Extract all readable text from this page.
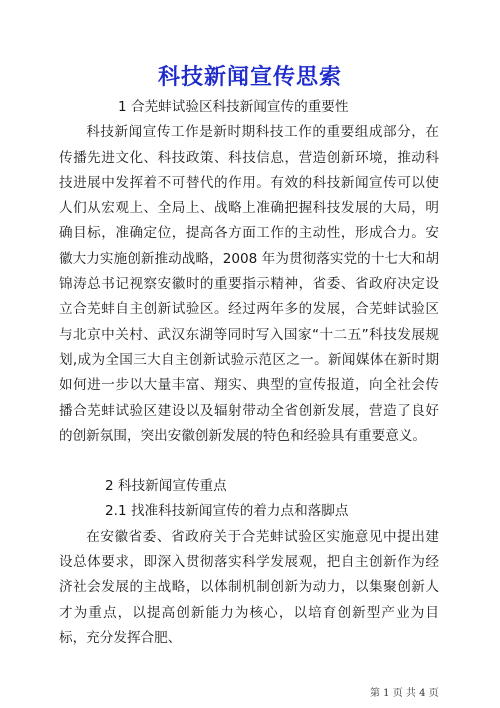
科技新闻宣传思索

1 合芜蚌试验区科技新闻宣传的重要性

科技新闻宣传工作是新时期科技工作的重要组成部分，在传播先进文化、科技政策、科技信息，营造创新环境，推动科技进展中发挥着不可替代的作用。有效的科技新闻宣传可以使人们从宏观上、全局上、战略上准确把握科技发展的大局，明确目标，准确定位，提高各方面工作的主动性，形成合力。安徽大力实施创新推动战略，2008 年为贯彻落实党的十七大和胡锦涛总书记视察安徽时的重要指示精神，省委、省政府决定设立合芜蚌自主创新试验区。经过两年多的发展，合芜蚌试验区与北京中关村、武汉东湖等同时写入国家“十二五”科技发展规划,成为全国三大自主创新试验示范区之一。新闻媒体在新时期如何进一步以大量丰富、翔实、典型的宣传报道，向全社会传播合芜蚌试验区建设以及辐射带动全省创新发展，营造了良好的创新氛围，突出安徽创新发展的特色和经验具有重要意义。

2 科技新闻宣传重点

2.1 找准科技新闻宣传的着力点和落脚点

在安徽省委、省政府关于合芜蚌试验区实施意见中提出建设总体要求，即深入贯彻落实科学发展观，把自主创新作为经济社会发展的主战略，以体制机制创新为动力，以集聚创新人才为重点，以提高创新能力为核心，以培育创新型产业为目标，充分发挥合肥、

第 1 页 共 4 页
